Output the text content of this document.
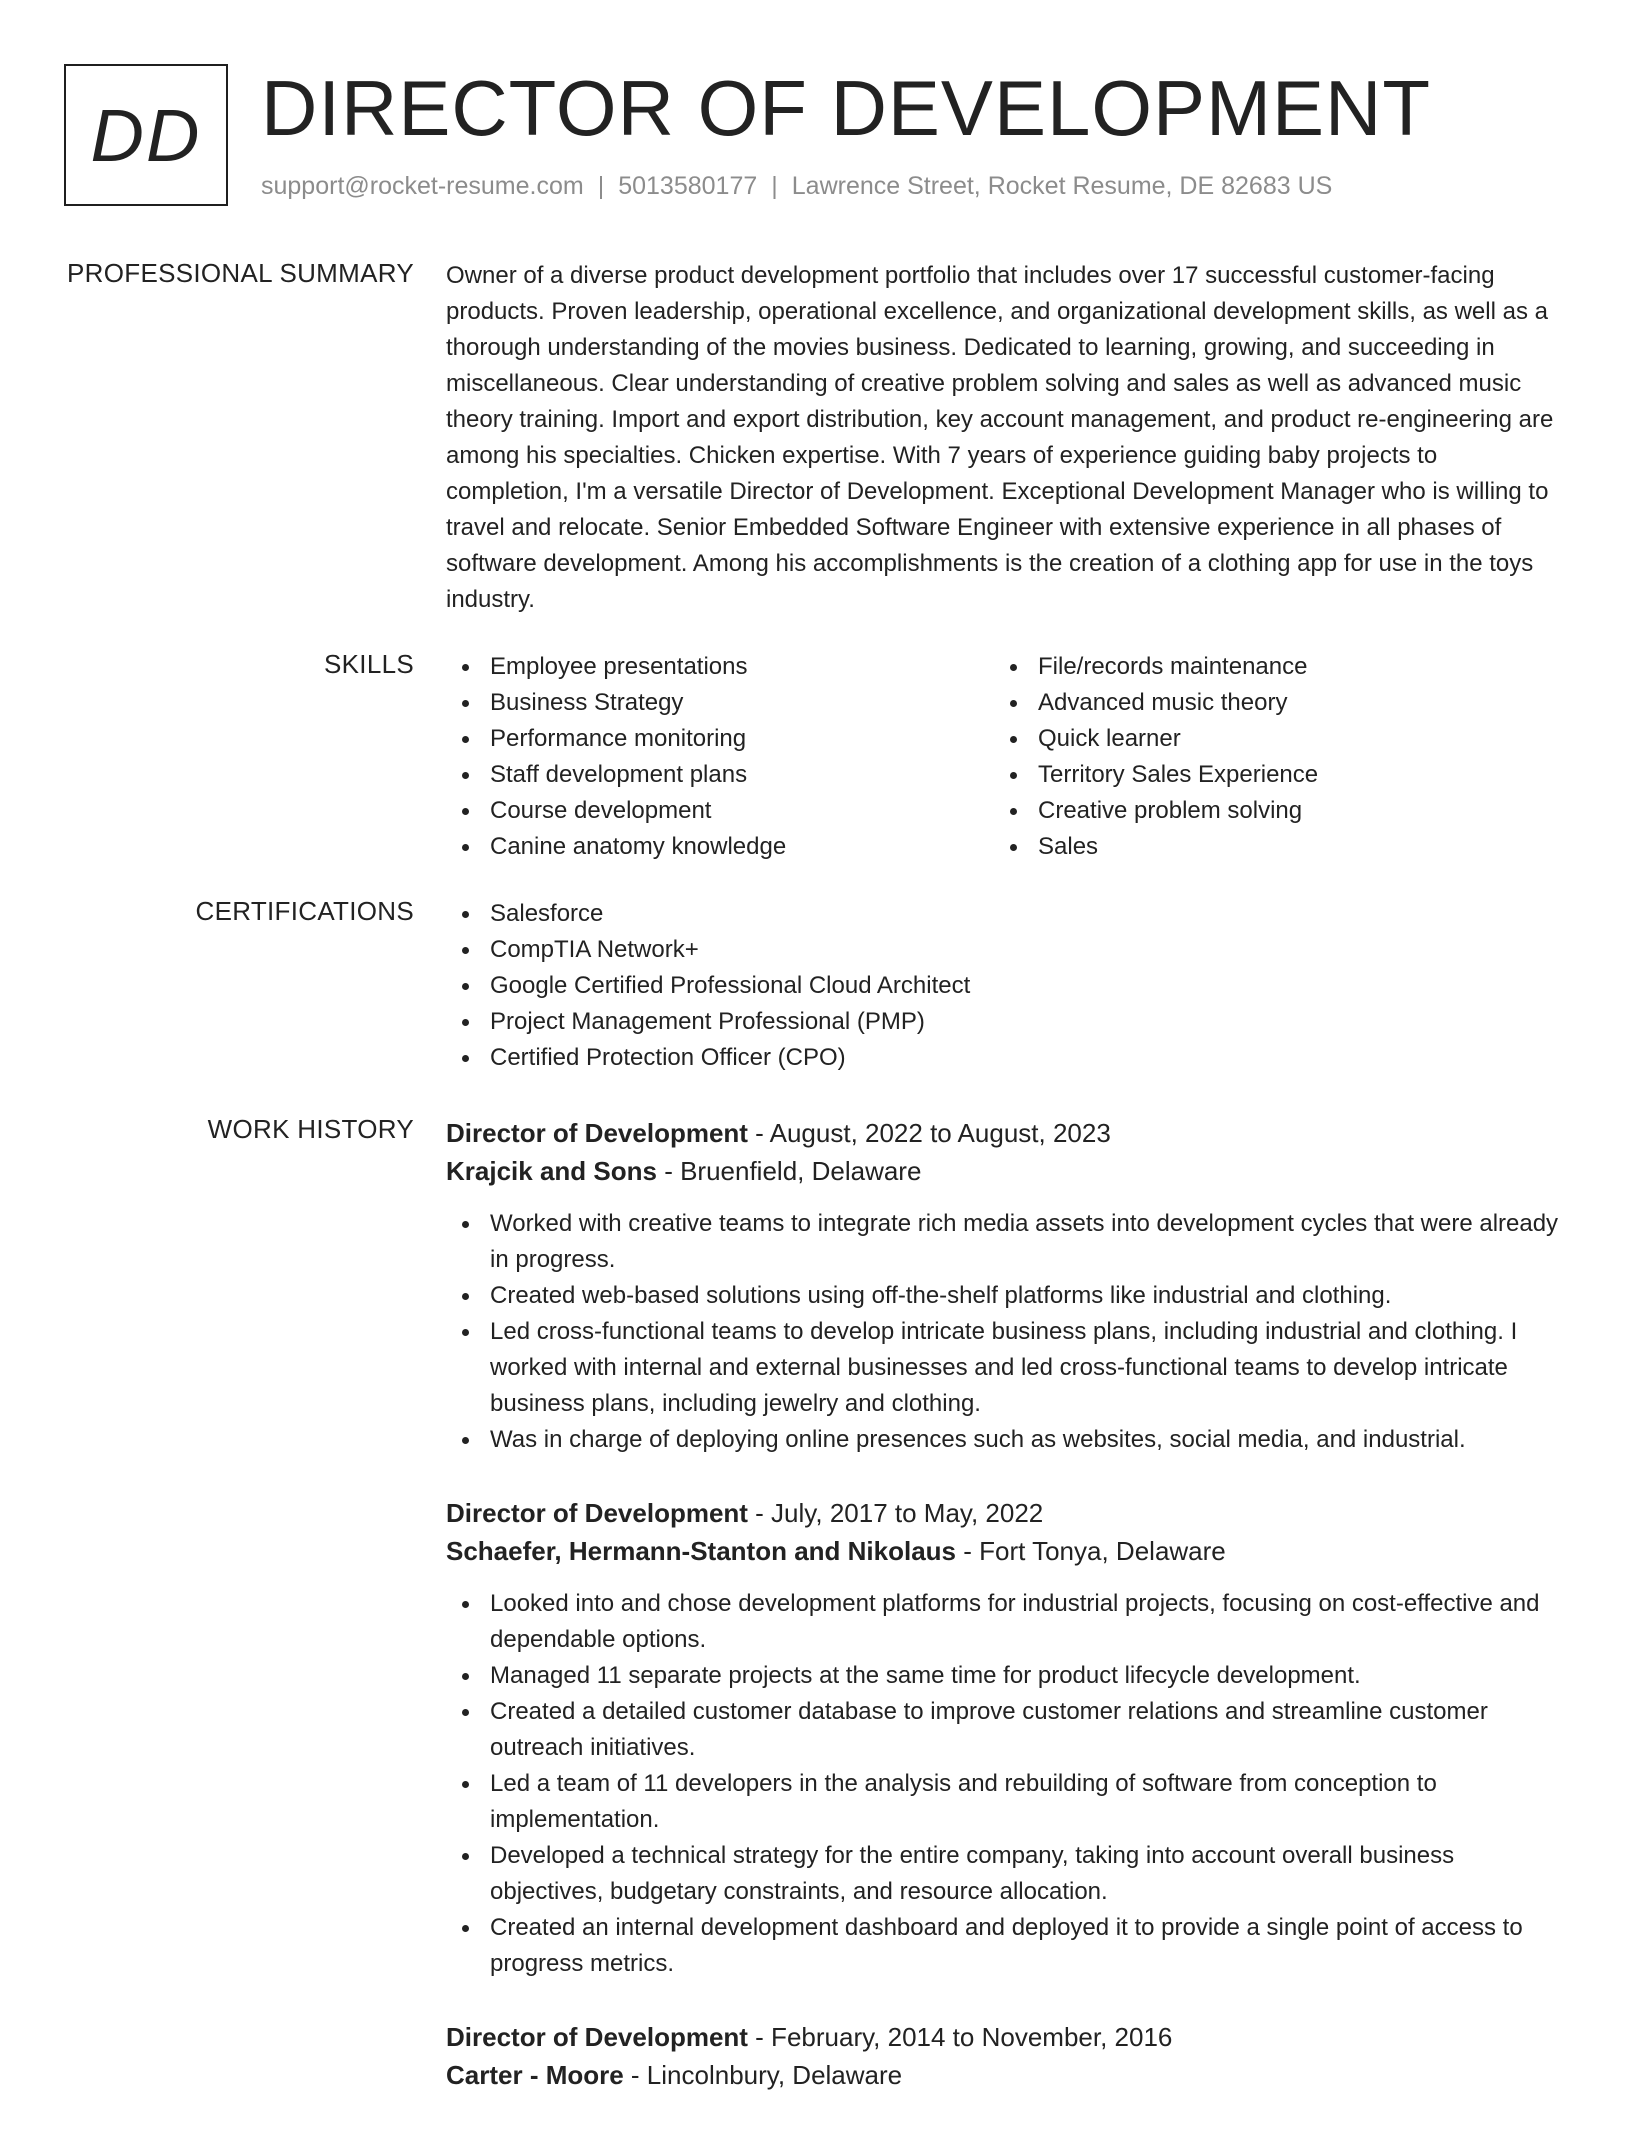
DD DIRECTOR OF DEVELOPMENT
support@rocket-resume.com | 5013580177 | Lawrence Street, Rocket Resume, DE 82683 US
PROFESSIONAL SUMMARY Owner of a diverse product development portfolio that includes over 17 successful customer-facing products. Proven leadership, operational excellence, and organizational development skills, as well as a thorough understanding of the movies business. Dedicated to learning, growing, and succeeding in miscellaneous. Clear understanding of creative problem solving and sales as well as advanced music theory training. Import and export distribution, key account management, and product re-engineering are among his specialties. Chicken expertise. With 7 years of experience guiding baby projects to completion, I'm a versatile Director of Development. Exceptional Development Manager who is willing to travel and relocate. Senior Embedded Software Engineer with extensive experience in all phases of software development. Among his accomplishments is the creation of a clothing app for use in the toys industry.

SKILLS	Employee presentations
Business Strategy
Performance monitoring
Staff development plans
Course development
Canine anatomy knowledge
File/records maintenance
Advanced music theory
Quick learner
Territory Sales Experience
Creative problem solving
Sales
CERTIFICATIONS	Salesforce
CompTIA Network+
Google Certified Professional Cloud Architect
Project Management Professional (PMP)
Certified Protection Officer (CPO)
WORK HISTORY Director of Development - August, 2022 to August, 2023
Krajcik and Sons - Bruenfield, Delaware
Worked with creative teams to integrate rich media assets into development cycles that were already in progress.
Created web-based solutions using off-the-shelf platforms like industrial and clothing.
Led cross-functional teams to develop intricate business plans, including industrial and clothing. I worked with internal and external businesses and led cross-functional teams to develop intricate business plans, including jewelry and clothing.
Was in charge of deploying online presences such as websites, social media, and industrial.
Director of Development - July, 2017 to May, 2022
Schaefer, Hermann-Stanton and Nikolaus - Fort Tonya, Delaware
Looked into and chose development platforms for industrial projects, focusing on cost-effective and dependable options.
Managed 11 separate projects at the same time for product lifecycle development.
Created a detailed customer database to improve customer relations and streamline customer outreach initiatives.
Led a team of 11 developers in the analysis and rebuilding of software from conception to implementation.
Developed a technical strategy for the entire company, taking into account overall business objectives, budgetary constraints, and resource allocation.
Created an internal development dashboard and deployed it to provide a single point of access to progress metrics.
Director of Development - February, 2014 to November, 2016
Carter - Moore - Lincolnbury, Delaware
